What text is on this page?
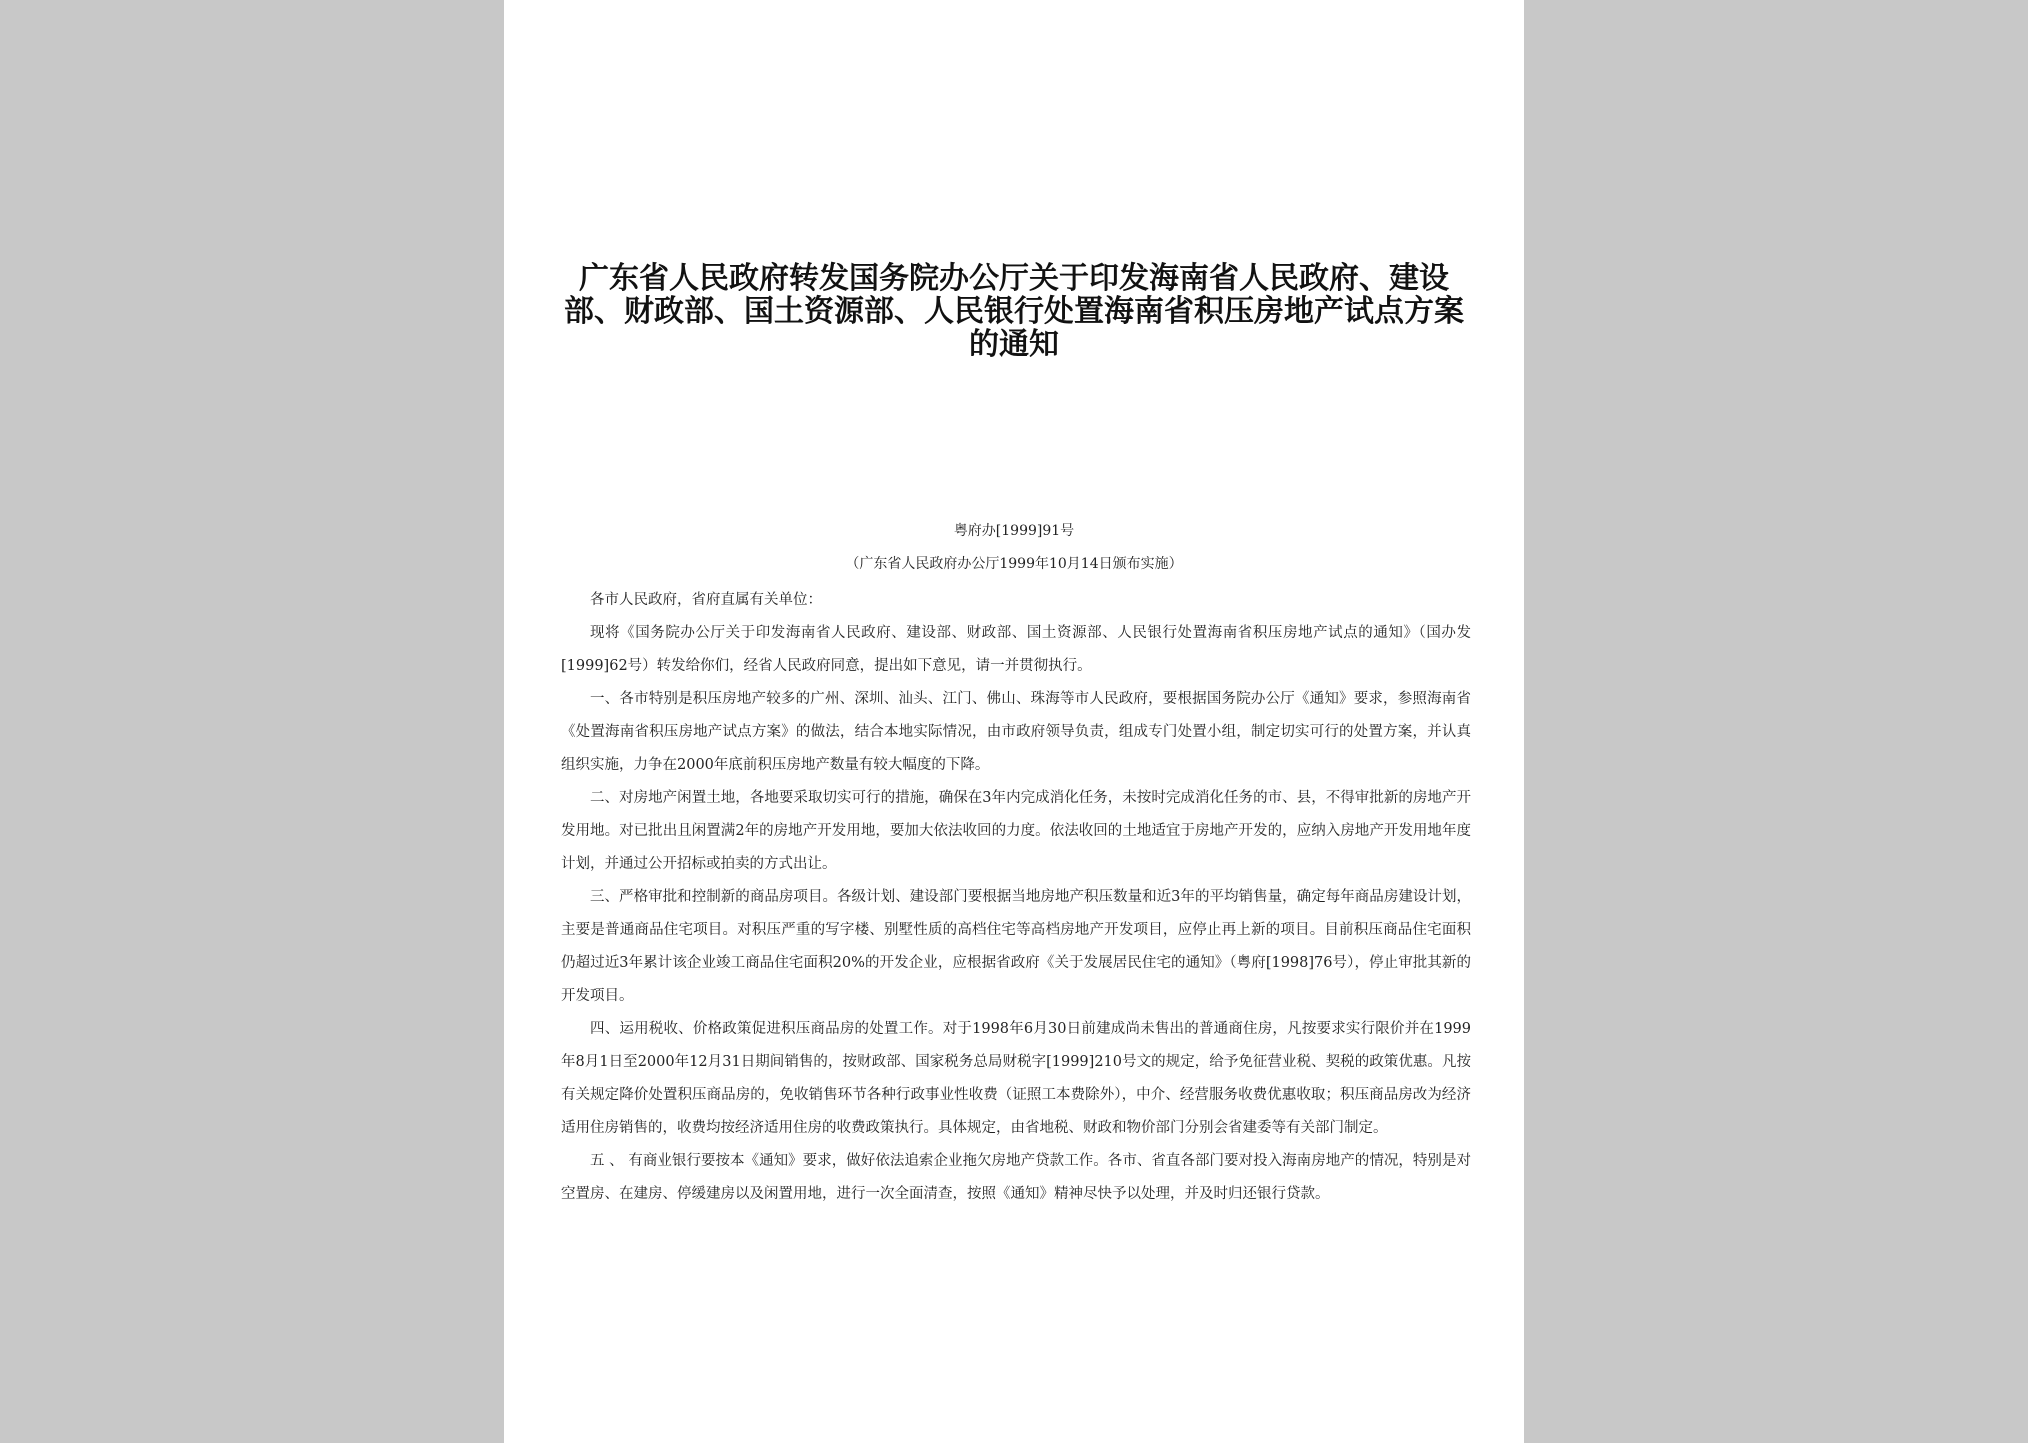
广东省人民政府转发国务院办公厅关于印发海南省人民政府、建设部、财政部、国土资源部、人民银行处置海南省积压房地产试点方案的通知

粤府办[1999]91号

（广东省人民政府办公厅1999年10月14日颁布实施）

各市人民政府，省府直属有关单位：

现将《国务院办公厅关于印发海南省人民政府、建设部、财政部、国土资源部、人民银行处置海南省积压房地产试点的通知》（国办发[1999]62号）转发给你们，经省人民政府同意，提出如下意见，请一并贯彻执行。

一、各市特别是积压房地产较多的广州、深圳、汕头、江门、佛山、珠海等市人民政府，要根据国务院办公厅《通知》要求，参照海南省《处置海南省积压房地产试点方案》的做法，结合本地实际情况，由市政府领导负责，组成专门处置小组，制定切实可行的处置方案，并认真组织实施，力争在2000年底前积压房地产数量有较大幅度的下降。

二、对房地产闲置土地，各地要采取切实可行的措施，确保在3年内完成消化任务，未按时完成消化任务的市、县，不得审批新的房地产开发用地。对已批出且闲置满2年的房地产开发用地，要加大依法收回的力度。依法收回的土地适宜于房地产开发的，应纳入房地产开发用地年度计划，并通过公开招标或拍卖的方式出让。

三、严格审批和控制新的商品房项目。各级计划、建设部门要根据当地房地产积压数量和近3年的平均销售量，确定每年商品房建设计划，主要是普通商品住宅项目。对积压严重的写字楼、别墅性质的高档住宅等高档房地产开发项目，应停止再上新的项目。目前积压商品住宅面积仍超过近3年累计该企业竣工商品住宅面积20%的开发企业，应根据省政府《关于发展居民住宅的通知》（粤府[1998]76号），停止审批其新的开发项目。

四、运用税收、价格政策促进积压商品房的处置工作。对于1998年6月30日前建成尚未售出的普通商住房，凡按要求实行限价并在1999年8月1日至2000年12月31日期间销售的，按财政部、国家税务总局财税字[1999]210号文的规定，给予免征营业税、契税的政策优惠。凡按有关规定降价处置积压商品房的，免收销售环节各种行政事业性收费（证照工本费除外），中介、经营服务收费优惠收取；积压商品房改为经济适用住房销售的，收费均按经济适用住房的收费政策执行。具体规定，由省地税、财政和物价部门分别会省建委等有关部门制定。

五 、 有商业银行要按本《通知》要求，做好依法追索企业拖欠房地产贷款工作。各市、省直各部门要对投入海南房地产的情况，特别是对空置房、在建房、停缓建房以及闲置用地，进行一次全面清查，按照《通知》精神尽快予以处理，并及时归还银行贷款。
